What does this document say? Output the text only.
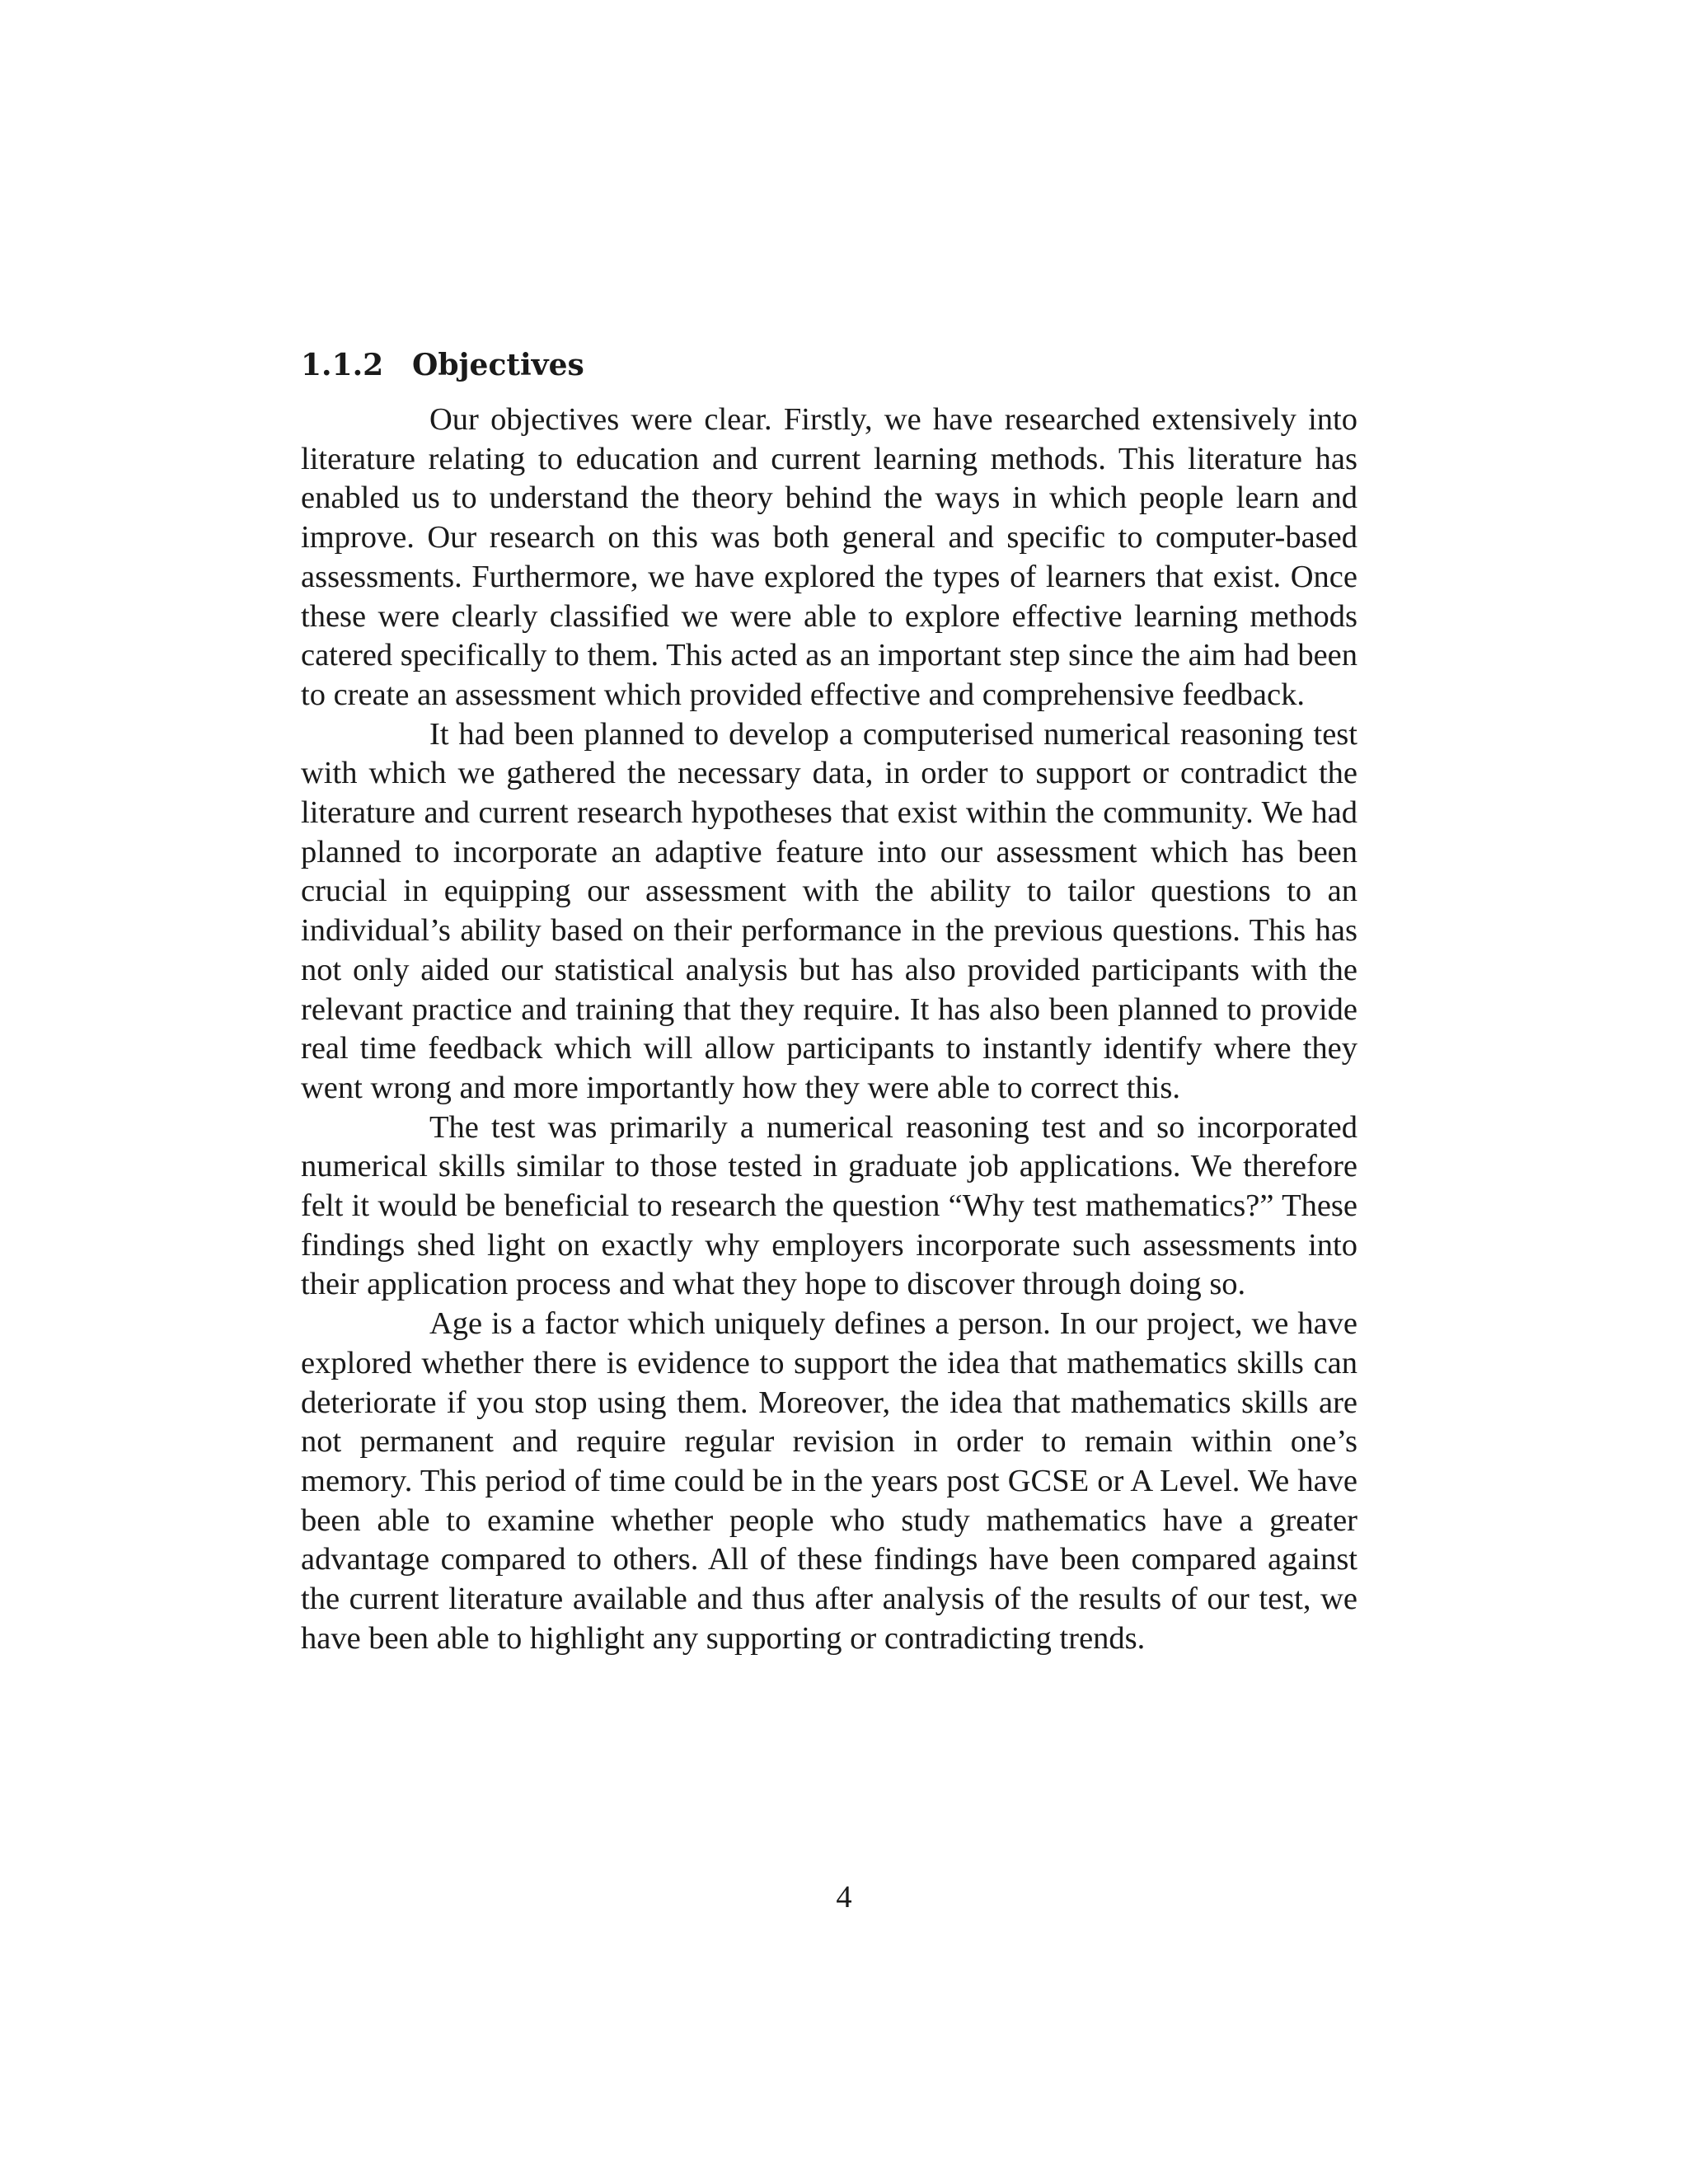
1.1.2 Objectives

Our objectives were clear. Firstly, we have researched extensively into literature relating to education and current learning methods. This literature has enabled us to understand the theory behind the ways in which people learn and improve. Our research on this was both general and specific to computer-based assessments. Furthermore, we have explored the types of learners that exist. Once these were clearly classified we were able to explore effective learning methods catered specifically to them. This acted as an important step since the aim had been to create an assessment which provided effective and comprehensive feedback.

It had been planned to develop a computerised numerical reasoning test with which we gathered the necessary data, in order to support or contradict the literature and current research hypotheses that exist within the community. We had planned to incorporate an adaptive feature into our assessment which has been crucial in equipping our assessment with the ability to tailor questions to an individual’s ability based on their performance in the previous questions. This has not only aided our statistical analysis but has also provided participants with the relevant practice and training that they require. It has also been planned to provide real time feedback which will allow participants to instantly identify where they went wrong and more importantly how they were able to correct this.

The test was primarily a numerical reasoning test and so incorporated numerical skills similar to those tested in graduate job applications. We therefore felt it would be beneficial to research the question “Why test mathematics?” These findings shed light on exactly why employers incorporate such assessments into their application process and what they hope to discover through doing so.

Age is a factor which uniquely defines a person. In our project, we have explored whether there is evidence to support the idea that mathematics skills can deteriorate if you stop using them. Moreover, the idea that mathematics skills are not permanent and require regular revision in order to remain within one’s memory. This period of time could be in the years post GCSE or A Level. We have been able to examine whether people who study mathematics have a greater advantage compared to others. All of these findings have been compared against the current literature available and thus after analysis of the results of our test, we have been able to highlight any supporting or contradicting trends.

4
